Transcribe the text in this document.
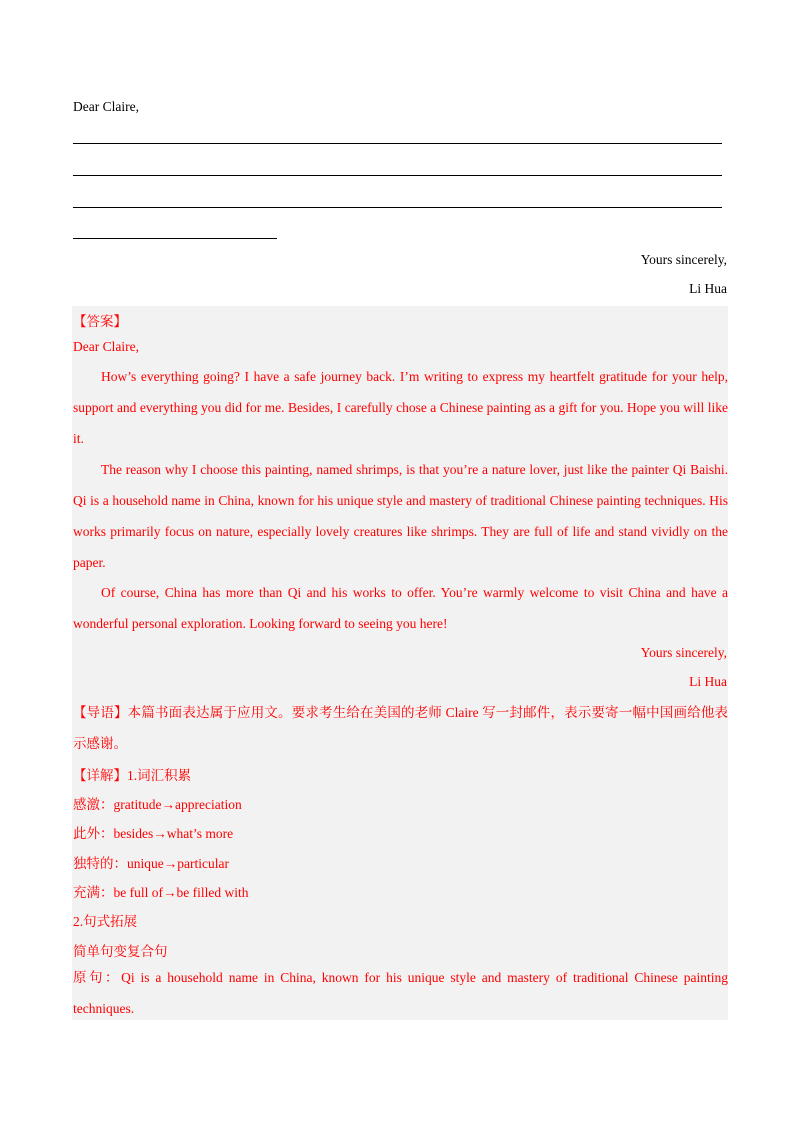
Dear Claire,
Yours sincerely,
Li Hua
【答案】
Dear Claire,
How’s everything going? I have a safe journey back. I’m writing to express my heartfelt gratitude for your help, support and everything you did for me. Besides, I carefully chose a Chinese painting as a gift for you. Hope you will like it.
The reason why I choose this painting, named shrimps, is that you’re a nature lover, just like the painter Qi Baishi. Qi is a household name in China, known for his unique style and mastery of traditional Chinese painting techniques. His works primarily focus on nature, especially lovely creatures like shrimps. They are full of life and stand vividly on the paper.
Of course, China has more than Qi and his works to offer. You’re warmly welcome to visit China and have a wonderful personal exploration. Looking forward to seeing you here!
Yours sincerely,
Li Hua
【导语】本篇书面表达属于应用文。要求考生给在美国的老师 Claire 写一封邮件，表示要寄一幅中国画给他表示感谢。
【详解】1.词汇积累
感激：gratitude→appreciation
此外：besides→what’s more
独特的：unique→particular
充满：be full of→be filled with
2.句式拓展
简单句变复合句
原句：Qi is a household name in China, known for his unique style and mastery of traditional Chinese painting techniques.
